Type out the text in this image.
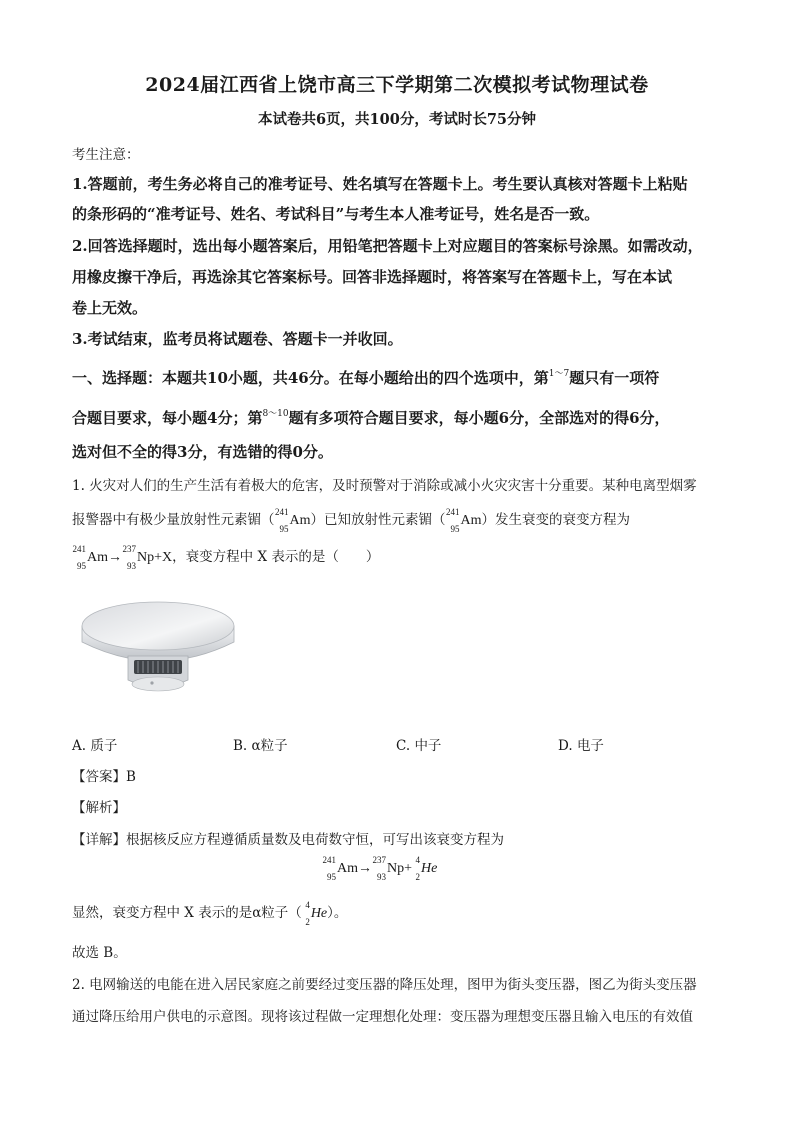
2024届江西省上饶市高三下学期第二次模拟考试物理试卷
本试卷共6页，共100分，考试时长75分钟
考生注意：
1.答题前，考生务必将自己的准考证号、姓名填写在答题卡上。考生要认真核对答题卡上粘贴
的条形码的“准考证号、姓名、考试科目”与考生本人准考证号，姓名是否一致。
2.回答选择题时，选出每小题答案后，用铅笔把答题卡上对应题目的答案标号涂黑。如需改动，
用橡皮擦干净后，再选涂其它答案标号。回答非选择题时，将答案写在答题卡上，写在本试
卷上无效。
3.考试结束，监考员将试题卷、答题卡一并收回。
一、选择题：本题共10小题，共46分。在每小题给出的四个选项中，第$^{1\sim 7}$题只有一项符
合题目要求，每小题4分；第$^{8\sim 10}$题有多项符合题目要求，每小题6分，全部选对的得6分，
选对但不全的得3分，有选错的得0分。
1. 火灾对人们的生产生活有着极大的危害，及时预警对于消除或减小火灾灾害十分重要。某种电离型烟雾
报警器中有极少量放射性元素镅（
241
95
Am）已知放射性元素镅（
241
95
Am）发生衰变的衰变方程为
241
95
Am→
237
93
Np+X，衰变方程中 X 表示的是（　　）
A. 质子	B. α粒子	C. 中子	D. 电子
【答案】B
【解析】
【详解】根据核反应方程遵循质量数及电荷数守恒，可写出该衰变方程为
241
95
Am→
237
93
Np+
4
2
He
显然，衰变方程中 X 表示的是α粒子（
4
2
He）。
故选 B。
2. 电网输送的电能在进入居民家庭之前要经过变压器的降压处理，图甲为街头变压器，图乙为街头变压器
通过降压给用户供电的示意图。现将该过程做一定理想化处理：变压器为理想变压器且输入电压的有效值
